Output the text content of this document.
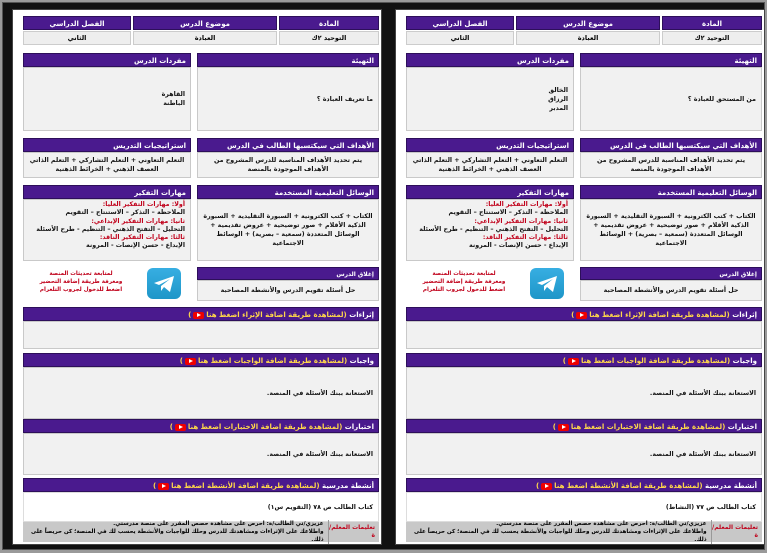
المادة
موضوع الدرس
الفصل الدراسي
التوحيد ٢ك
العبادة
الثاني
التهيئة
ما تعريف العبادة ؟
مفردات الدرس
القاهرة
الباطنة
الأهداف التي سيكتسبها الطالب في الدرس
يتم تحديد الأهداف المناسبة للدرس المشروح من الأهداف الموجودة بالمنصة
استراتيجيات التدريس
التعلم التعاوني + التعلم التشاركي + التعلم الذاتي العصف الذهني + الخرائط الذهنية
الوسائل التعليمية المستخدمة
الكتاب + كتب الكترونية + السبورة التقليدية + السبورة الذكية الأقلام + صور توضيحية + عروض تقديمية + الوسائل المتعددة (سمعية – بصرية) + الوسائط الاجتماعية
مهارات التفكير
أولا: مهارات التفكير العليا:
الملاحظة – التذكر – الاستنتاج – التقويم
ثانيا: مهارات التفكير الإبداعي:
التحليل – التفتح الذهني – التنظيم - طرح الأسئلة
ثالثا: مهارات التفكير الناقد:
الإبداع - حسن الإنصات - المرونة
إغلاق الدرس
حل أسئلة تقويم الدرس والأنشطة المصاحبة
لمتابعة تحديثات المنصة
ومعرفة طريقة إضافة التحضير
اضغط للدخول لجروب التلغرام
إثراءات (لمشاهدة طريقة اضافة الإثراء اضغط هنا)
واجبات (لمشاهدة طريقة اضافة الواجبات اضغط هنا)
الاستعانة ببنك الأسئلة في المنصة.
اختبارات (لمشاهدة طريقة اضافة الاختبارات اضغط هنا)
الاستعانة ببنك الأسئلة في المنصة.
أنشطة مدرسية (لمشاهدة طريقة اضافة الأنشطة اضغط هنا)
كتاب الطالب ص ٧٨ (التقويم س١)
تعليمات المعلم/ة
عزيزي/تي الطالب/ة: احرص على مشاهدة حصص المقرر على منصة مدرستي.
واطلاعك على الإثراءات ومشاهدتك للدرس وحلك للواجبات والأنشطة يحسب لك في المنصة؛ كن حريصاً على ذلك.
المادة
موضوع الدرس
الفصل الدراسي
التوحيد ٢ك
العبادة
الثاني
التهيئة
من المستحق للعبادة ؟
مفردات الدرس
الخالق
الرزاق
المدبر
الأهداف التي سيكتسبها الطالب في الدرس
يتم تحديد الأهداف المناسبة للدرس المشروح من الأهداف الموجودة بالمنصة
استراتيجيات التدريس
التعلم التعاوني + التعلم التشاركي + التعلم الذاتي العصف الذهني + الخرائط الذهنية
الوسائل التعليمية المستخدمة
الكتاب + كتب الكترونية + السبورة التقليدية + السبورة الذكية الأقلام + صور توضيحية + عروض تقديمية + الوسائل المتعددة (سمعية – بصرية) + الوسائط الاجتماعية
مهارات التفكير
أولا: مهارات التفكير العليا:
الملاحظة – التذكر – الاستنتاج – التقويم
ثانيا: مهارات التفكير الإبداعي:
التحليل – التفتح الذهني – التنظيم - طرح الأسئلة
ثالثا: مهارات التفكير الناقد:
الإبداع - حسن الإنصات - المرونة
إغلاق الدرس
حل أسئلة تقويم الدرس والأنشطة المصاحبة
لمتابعة تحديثات المنصة
ومعرفة طريقة إضافة التحضير
اضغط للدخول لجروب التلغرام
إثراءات (لمشاهدة طريقة اضافة الإثراء اضغط هنا)
واجبات (لمشاهدة طريقة اضافة الواجبات اضغط هنا)
الاستعانة ببنك الأسئلة في المنصة.
اختبارات (لمشاهدة طريقة اضافة الاختبارات اضغط هنا)
الاستعانة ببنك الأسئلة في المنصة.
أنشطة مدرسية (لمشاهدة طريقة اضافة الأنشطة اضغط هنا)
كتاب الطالب ص ٧٧ (النشاط)
تعليمات المعلم/ة
عزيزي/تي الطالب/ة: احرص على مشاهدة حصص المقرر على منصة مدرستي.
واطلاعك على الإثراءات ومشاهدتك للدرس وحلك للواجبات والأنشطة يحسب لك في المنصة؛ كن حريصاً على ذلك.
